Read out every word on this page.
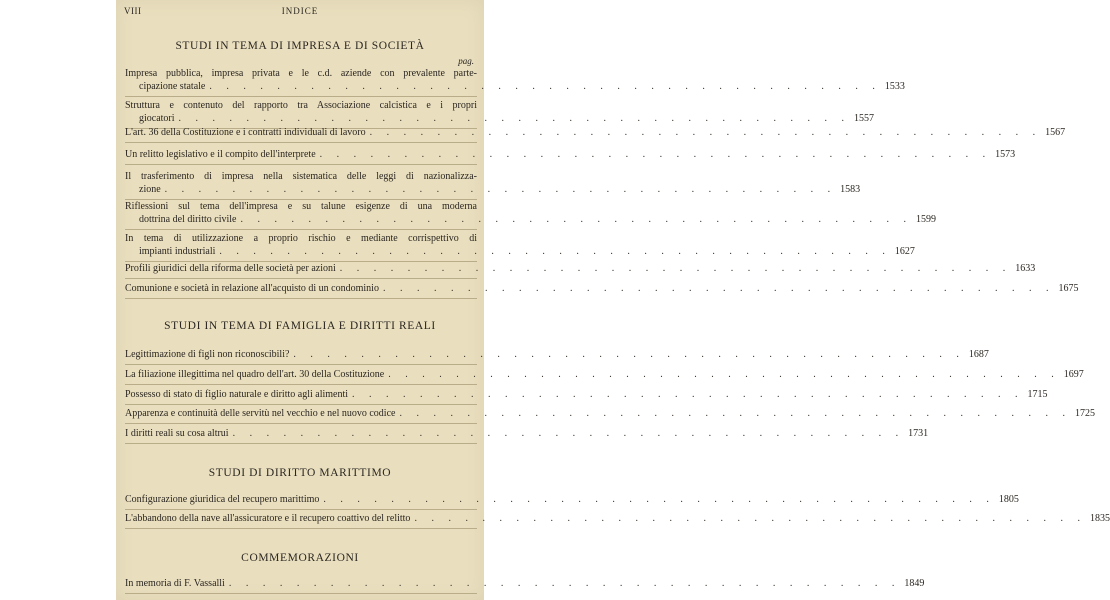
VIII	INDICE
STUDI IN TEMA DI IMPRESA E DI SOCIETÀ
pag.
Impresa pubblica, impresa privata e le c.d. aziende con prevalente parte-
cipazione statale . . . . . . . . . . . . . . . . . . . . . . . . . . . . . . . . . . . . . . . . 1533
Struttura e contenuto del rapporto tra Associazione calcistica e i propri
giocatori . . . . . . . . . . . . . . . . . . . . . . . . . . . . . . . . . . . . . . . . 1557
L'art. 36 della Costituzione e i contratti individuali di lavoro . . . . . . . . . . . . . . . . . . . . . . . . . . . . . . . . . . . . . . . . 1567
Un relitto legislativo e il compito dell'interprete . . . . . . . . . . . . . . . . . . . . . . . . . . . . . . . . . . . . . . . . 1573
Il trasferimento di impresa nella sistematica delle leggi di nazionalizza-
zione . . . . . . . . . . . . . . . . . . . . . . . . . . . . . . . . . . . . . . . . 1583
Riflessioni sul tema dell'impresa e su talune esigenze di una moderna
dottrina del diritto civile . . . . . . . . . . . . . . . . . . . . . . . . . . . . . . . . . . . . . . . . 1599
In tema di utilizzazione a proprio rischio e mediante corrispettivo di
impianti industriali . . . . . . . . . . . . . . . . . . . . . . . . . . . . . . . . . . . . . . . . 1627
Profili giuridici della riforma delle società per azioni . . . . . . . . . . . . . . . . . . . . . . . . . . . . . . . . . . . . . . . . 1633
Comunione e società in relazione all'acquisto di un condominio . . . . . . . . . . . . . . . . . . . . . . . . . . . . . . . . . . . . . . . . 1675
STUDI IN TEMA DI FAMIGLIA E DIRITTI REALI
Legittimazione di figli non riconoscibili? . . . . . . . . . . . . . . . . . . . . . . . . . . . . . . . . . . . . . . . . 1687
La filiazione illegittima nel quadro dell'art. 30 della Costituzione . . . . . . . . . . . . . . . . . . . . . . . . . . . . . . . . . . . . . . . . 1697
Possesso di stato di figlio naturale e diritto agli alimenti . . . . . . . . . . . . . . . . . . . . . . . . . . . . . . . . . . . . . . . . 1715
Apparenza e continuità delle servitù nel vecchio e nel nuovo codice . . . . . . . . . . . . . . . . . . . . . . . . . . . . . . . . . . . . . . . . 1725
I diritti reali su cosa altrui . . . . . . . . . . . . . . . . . . . . . . . . . . . . . . . . . . . . . . . . 1731
STUDI DI DIRITTO MARITTIMO
Configurazione giuridica del recupero marittimo . . . . . . . . . . . . . . . . . . . . . . . . . . . . . . . . . . . . . . . . 1805
L'abbandono della nave all'assicuratore e il recupero coattivo del relitto . . . . . . . . . . . . . . . . . . . . . . . . . . . . . . . . . . . . . . . . 1835
COMMEMORAZIONI
In memoria di F. Vassalli . . . . . . . . . . . . . . . . . . . . . . . . . . . . . . . . . . . . . . . . 1849
